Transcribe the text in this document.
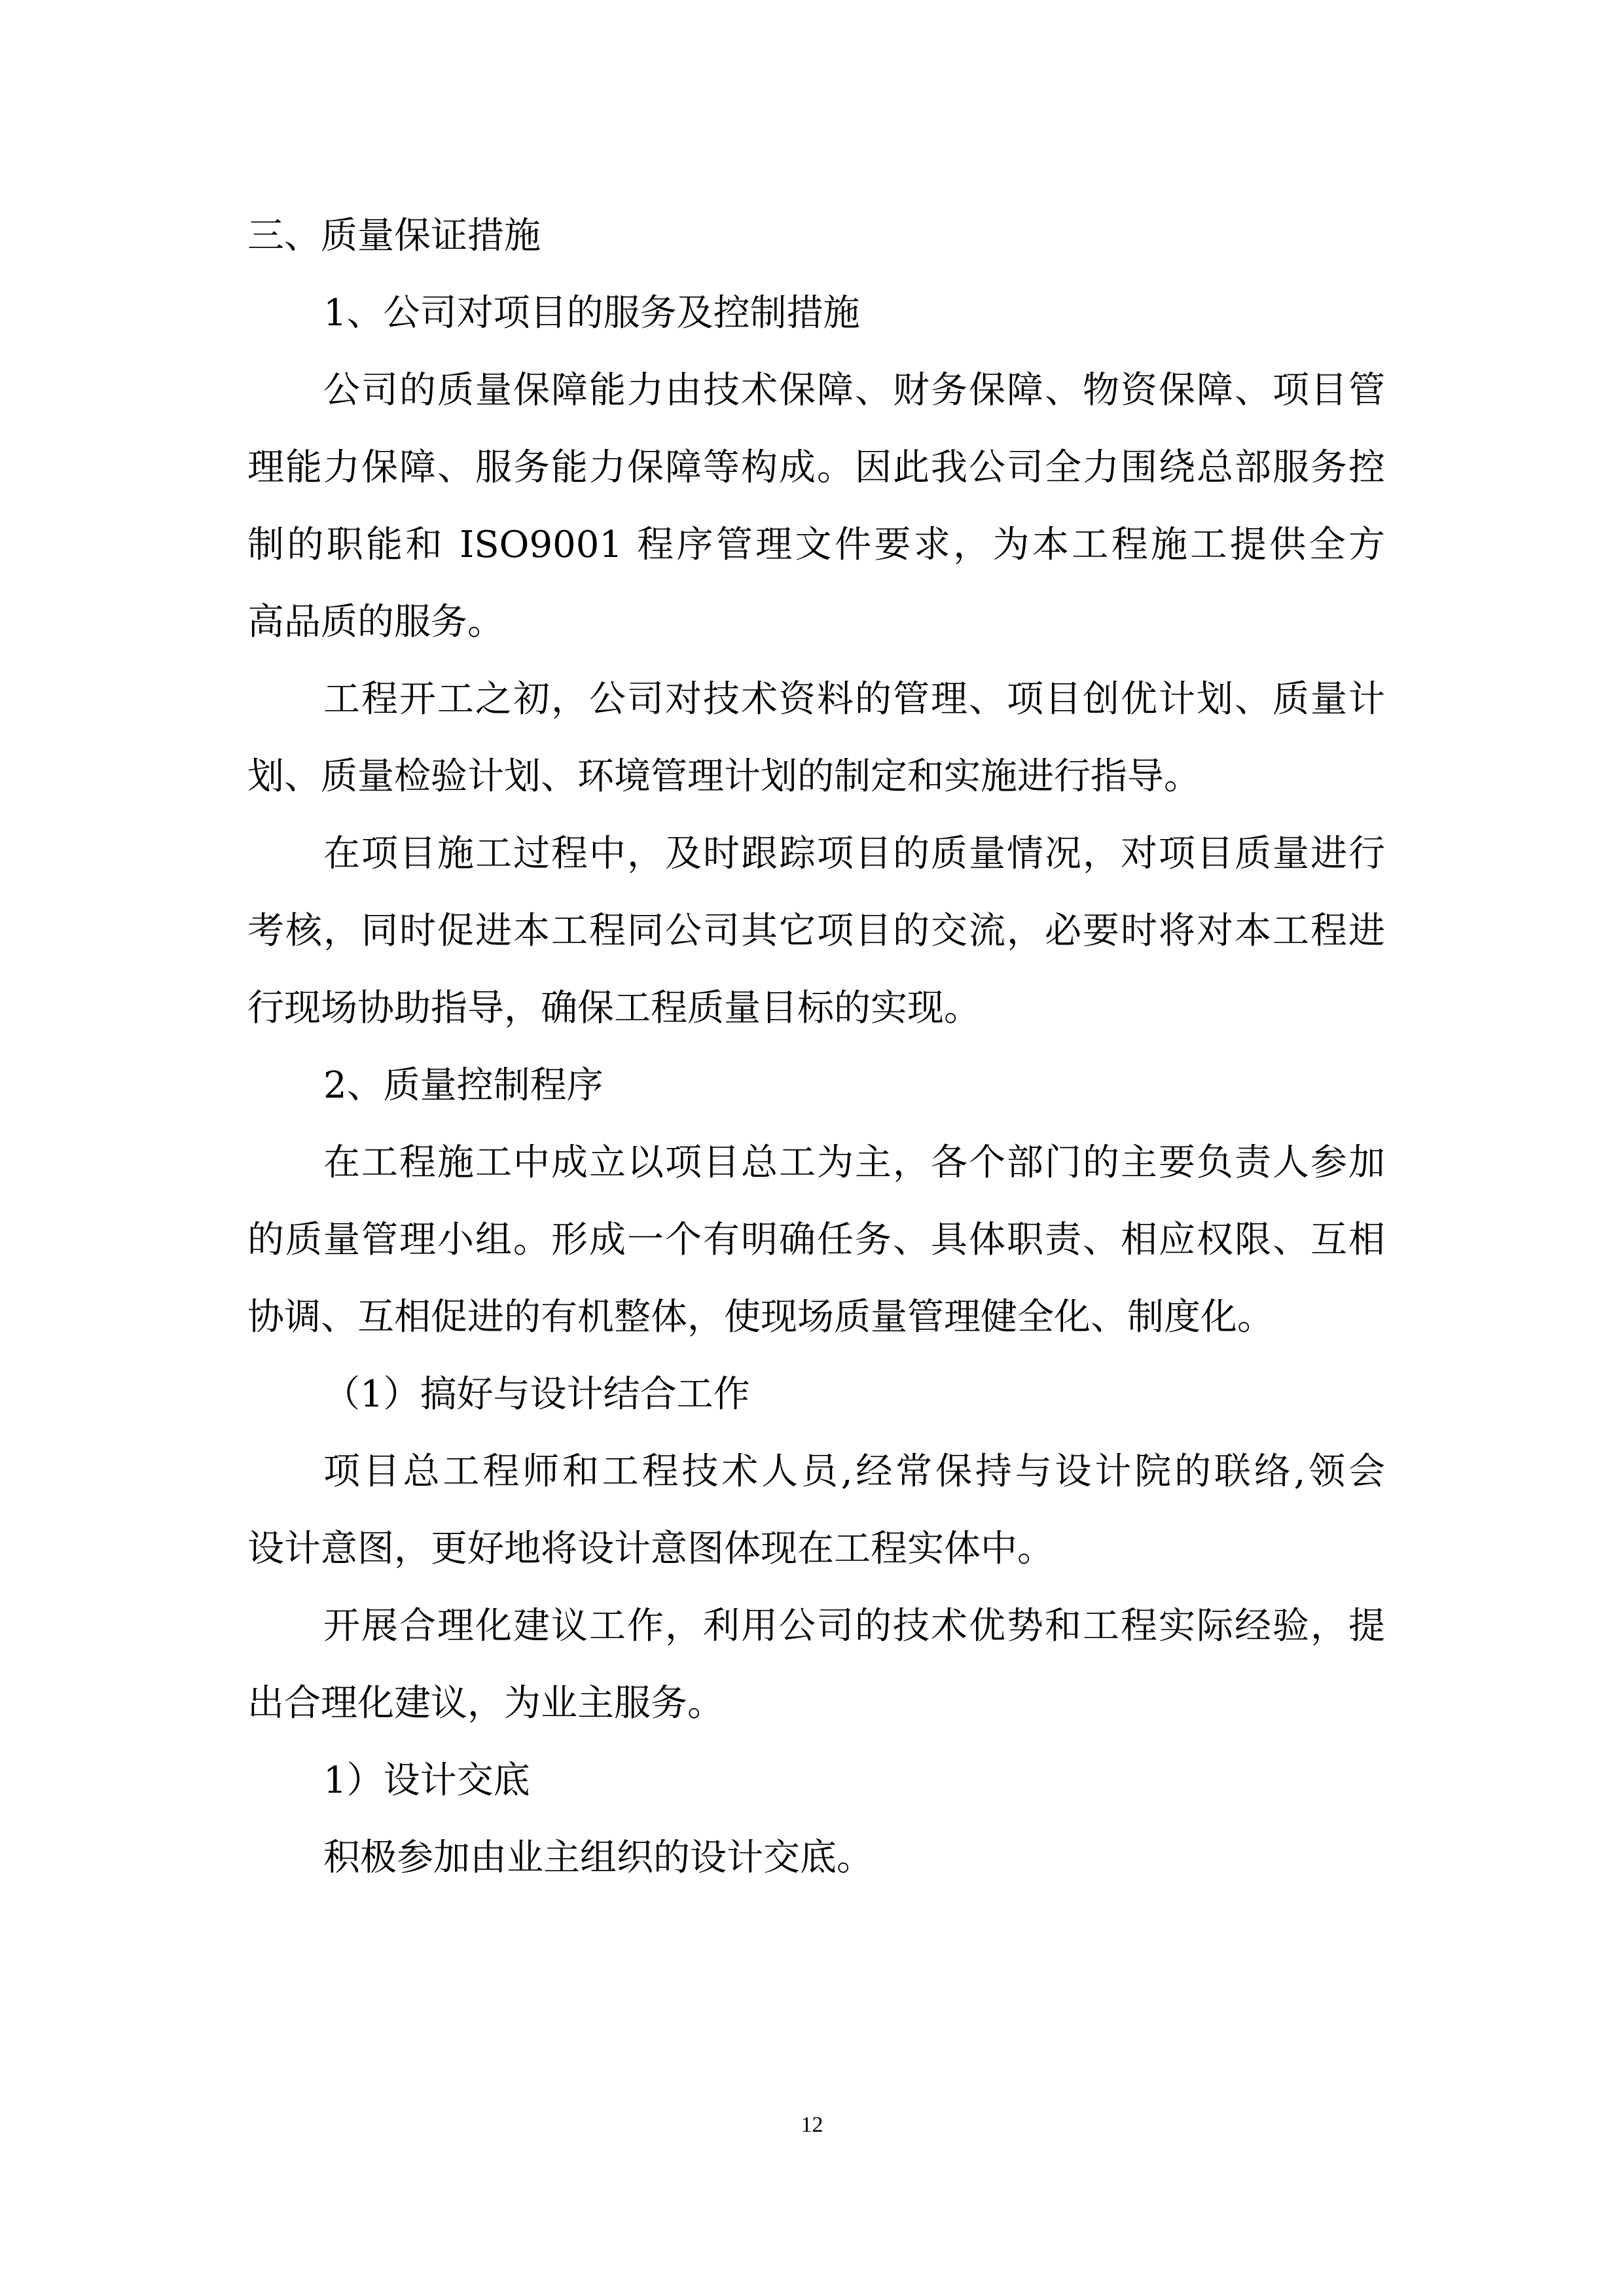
三、质量保证措施
1、公司对项目的服务及控制措施
公司的质量保障能力由技术保障、财务保障、物资保障、项目管
理能力保障、服务能力保障等构成。因此我公司全力围绕总部服务控
制的职能和 ISO9001 程序管理文件要求，为本工程施工提供全方
高品质的服务。
工程开工之初，公司对技术资料的管理、项目创优计划、质量计
划、质量检验计划、环境管理计划的制定和实施进行指导。
在项目施工过程中，及时跟踪项目的质量情况，对项目质量进行
考核，同时促进本工程同公司其它项目的交流，必要时将对本工程进
行现场协助指导，确保工程质量目标的实现。
2、质量控制程序
在工程施工中成立以项目总工为主，各个部门的主要负责人参加
的质量管理小组。形成一个有明确任务、具体职责、相应权限、互相
协调、互相促进的有机整体，使现场质量管理健全化、制度化。
（1）搞好与设计结合工作
项目总工程师和工程技术人员,经常保持与设计院的联络,领会
设计意图，更好地将设计意图体现在工程实体中。
开展合理化建议工作，利用公司的技术优势和工程实际经验，提
出合理化建议，为业主服务。
1）设计交底
积极参加由业主组织的设计交底。
12
